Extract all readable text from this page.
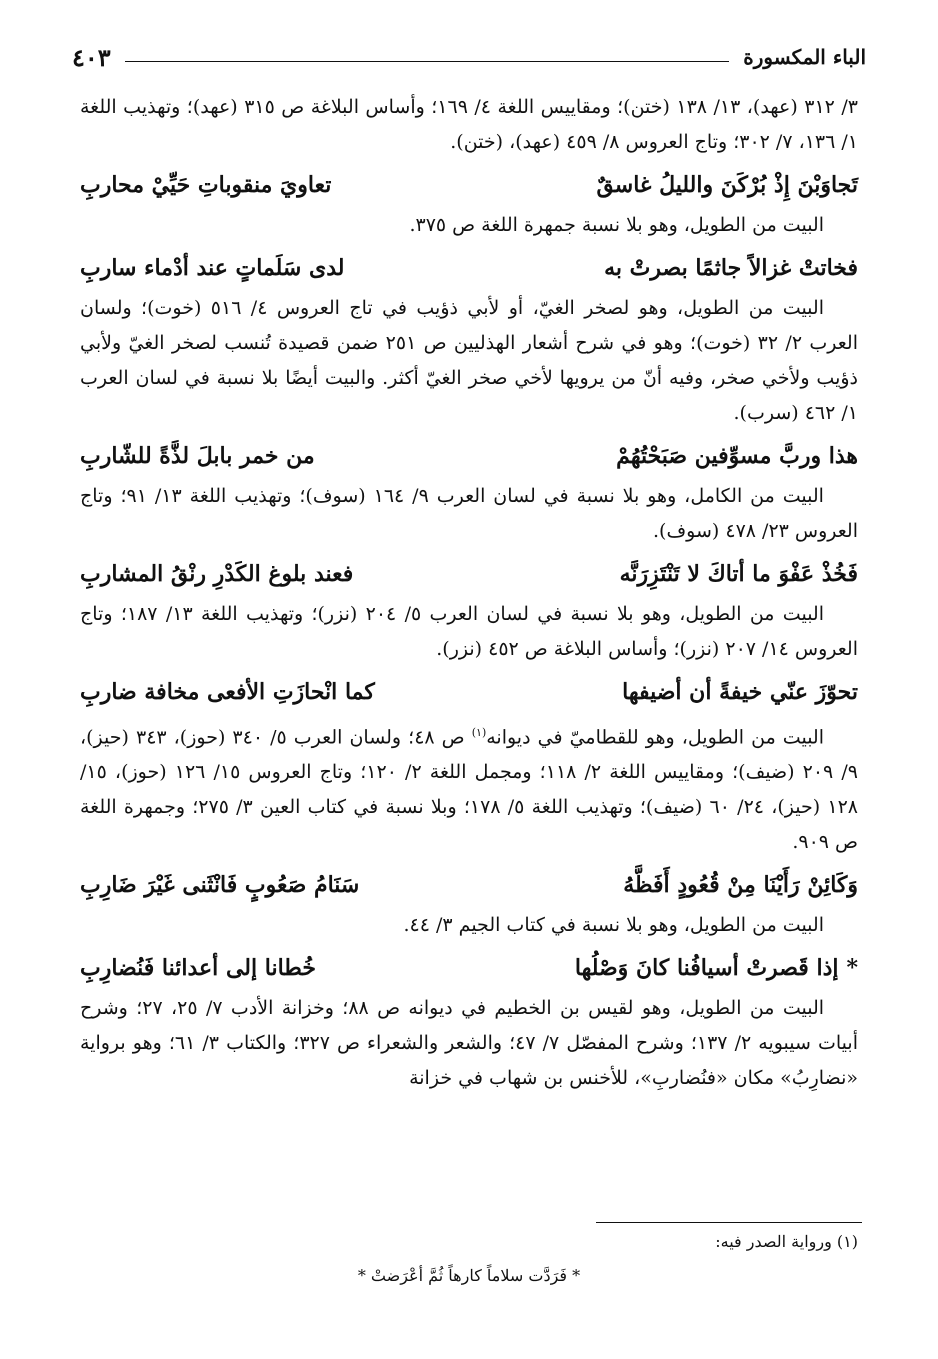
الباء المكسورة
٤٠٣

٣/ ٣١٢ (عهد)، ١٣/ ١٣٨ (ختن)؛ ومقاييس اللغة ٤/ ١٦٩؛ وأساس البلاغة ص ٣١٥ (عهد)؛ وتهذيب اللغة ١/ ١٣٦، ٧/ ٣٠٢؛ وتاج العروس ٨/ ٤٥٩ (عهد)، (ختن).

تَجاوَبْنَ إِذْ بُرْكَنَ والليلُ غاسقٌ
تعاويَ منقوباتِ حَيِّيْ محاربِ

البيت من الطويل، وهو بلا نسبة جمهرة اللغة ص ٣٧٥.

فخاتتْ غزالاً جاثمًا بصرتْ به
لدى سَلَماتٍ عند أدْماء ساربِ

البيت من الطويل، وهو لصخر الغيّ، أو لأبي ذؤيب في تاج العروس ٤/ ٥١٦ (خوت)؛ ولسان العرب ٢/ ٣٢ (خوت)؛ وهو في شرح أشعار الهذليين ص ٢٥١ ضمن قصيدة تُنسب لصخر الغيّ ولأبي ذؤيب ولأخي صخر، وفيه أنّ من يرويها لأخي صخر الغيّ أكثر. والبيت أيضًا بلا نسبة في لسان العرب ١/ ٤٦٢ (سرب).

هذا وربَّ مسوِّفين صَبَحْتُهُمْ
من خمر بابلَ لذَّةً للشّاربِ

البيت من الكامل، وهو بلا نسبة في لسان العرب ٩/ ١٦٤ (سوف)؛ وتهذيب اللغة ١٣/ ٩١؛ وتاج العروس ٢٣/ ٤٧٨ (سوف).

فَخُذْ عَفْوَ ما أتاكَ لا تَنْتَزِرَنَّه
فعند بلوغ الكَدْرِ رنْقُ المشاربِ

البيت من الطويل، وهو بلا نسبة في لسان العرب ٥/ ٢٠٤ (نزر)؛ وتهذيب اللغة ١٣/ ١٨٧؛ وتاج العروس ١٤/ ٢٠٧ (نزر)؛ وأساس البلاغة ص ٤٥٢ (نزر).

تحوّزَ عنّي خيفةً أن أضيفها
كما انْحازَتِ الأفعى مخافة ضاربِ

البيت من الطويل، وهو للقطاميّ في ديوانه$^{(١)}$ ص ٤٨؛ ولسان العرب ٥/ ٣٤٠ (حوز)، ٣٤٣ (حيز)، ٩/ ٢٠٩ (ضيف)؛ ومقاييس اللغة ٢/ ١١٨؛ ومجمل اللغة ٢/ ١٢٠؛ وتاج العروس ١٥/ ١٢٦ (حوز)، ١٥/ ١٢٨ (حيز)، ٢٤/ ٦٠ (ضيف)؛ وتهذيب اللغة ٥/ ١٧٨؛ وبلا نسبة في كتاب العين ٣/ ٢٧٥؛ وجمهرة اللغة ص ٩٠٩.

وَكَائِنْ رَأَيْنَا مِنْ قُعُودٍ أَفَظَّهُ
سَنَامُ صَعُوبٍ فَانْثَنى غَيْرَ ضَارِبِ

البيت من الطويل، وهو بلا نسبة في كتاب الجيم ٣/ ٤٤.

*إذا قَصرتْ أسيافُنا كانَ وَصْلُها
خُطانا إلى أعدائنا فَنُضارِبِ

البيت من الطويل، وهو لقيس بن الخطيم في ديوانه ص ٨٨؛ وخزانة الأدب ٧/ ٢٥، ٢٧؛ وشرح أبيات سيبويه ٢/ ١٣٧؛ وشرح المفصّل ٧/ ٤٧؛ والشعر والشعراء ص ٣٢٧؛ والكتاب ٣/ ٦١؛ وهو برواية «نضارِبُ» مكان «فنُضاربِ»، للأخنس بن شهاب في خزانة

(١) ورواية الصدر فيه:

* فَرَدَّت سلاماً كارهاً ثُمَّ أعْرَضتْ *
